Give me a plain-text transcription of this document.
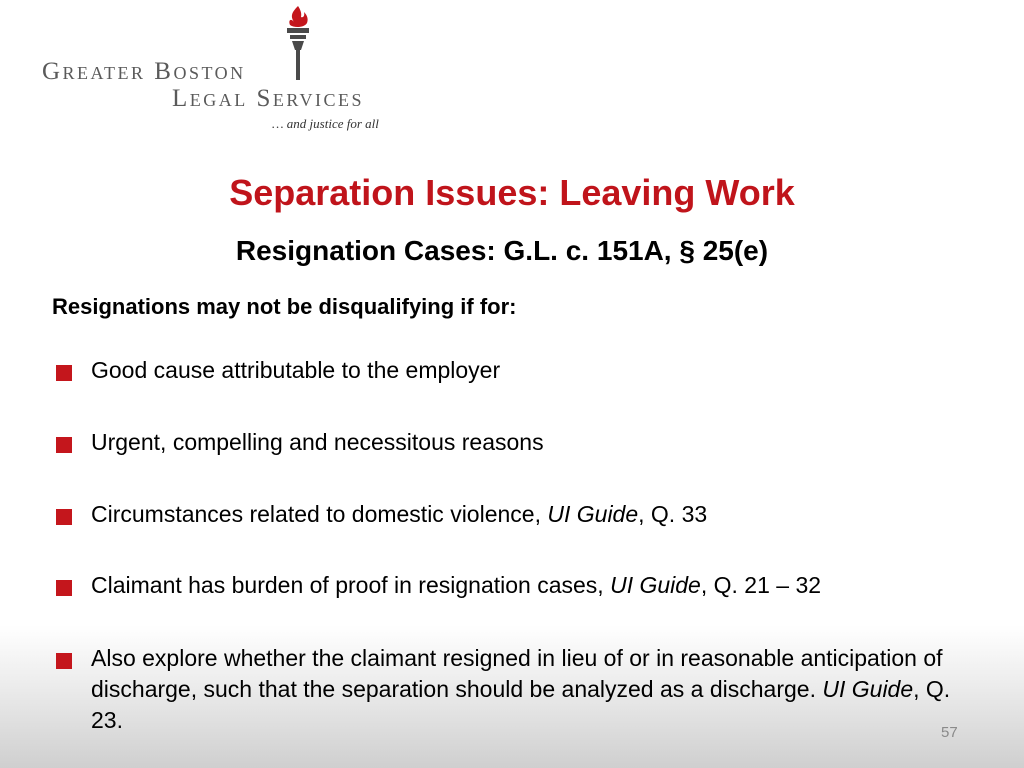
Greater Boston
Legal Services
… and justice for all
Separation Issues: Leaving Work
Resignation Cases: G.L. c. 151A, § 25(e)

Resignations may not be disqualifying if for:

Good cause attributable to the employer
Urgent, compelling and necessitous reasons
Circumstances related to domestic violence, UI Guide, Q. 33
Claimant has burden of proof in resignation cases, UI Guide, Q. 21 – 32
Also explore whether the claimant resigned in lieu of or in reasonable anticipation of discharge, such that the separation should be analyzed as a discharge. UI Guide, Q. 23.	57
